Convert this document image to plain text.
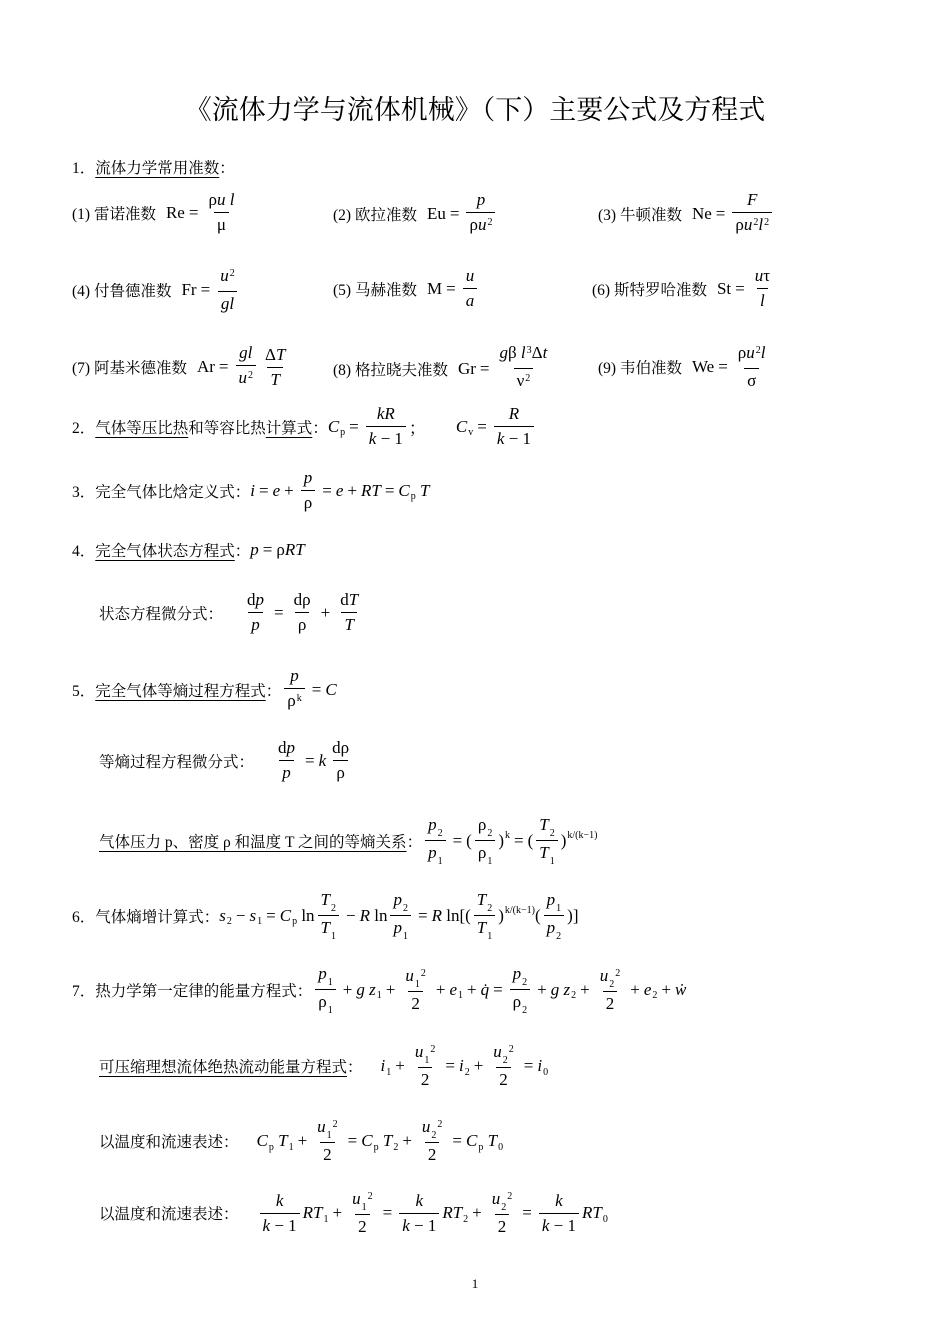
《流体力学与流体机械》（下）主要公式及方程式
1．流体力学常用准数：
(1) 雷诺准数 $Re = \frac{\text{ρu l}}{\mu}$	(2) 欧拉准数 $Eu = \frac{p}{\rho u^2}$	(3) 牛顿准数 $Ne = \frac{F}{\rho u^2l^2}$
(4) 付鲁德准数 $Fr = \frac{u^2}{gl}$	(5) 马赫准数 $M = \frac{u}{a}$	(6) 斯特罗哈准数 $St = \frac{u\tau}{l}$
(7) 阿基米德准数 $Ar = \frac{gl}{u^2} \frac{\Delta T}{T}$	(8) 格拉晓夫准数 $Gr = \frac{g\beta l^3\Delta t}{\nu^2}$	(9) 韦伯准数 $We = \frac{\rho u^2l}{\sigma}$
2．气体等压比热和等容比热计算式： $C_p = \frac{kR}{k - 1}$ ； $C_v = \frac{R}{k - 1}$
3．完全气体比焓定义式： $i = e + \frac{p}{\rho} = e$ + RT = $C_p$ T
4．完全气体状态方程式： p = ρ RT
状态方程微分式： $\frac{dp}{p} = \frac{d\rho}{\rho} + \frac{dT}{T}$
5．完全气体等熵过程方程式： $\frac{p}{\rho^k} = C$
等熵过程方程微分式： $\frac{dp}{p} = k \frac{d\rho}{\rho}$
气体压力 p、密度 ρ 和温度 T 之间的等熵关系： $\frac{p_2}{p_1}$ = ( $\frac{\rho_2}{\rho_1} )^k$ = ( $\frac{T_2}{T_1} )^{k/(k-1)}$
6．气体熵增计算式： $s_2 - s_1 = C_p$ $\ln \frac{T_2}{T_1} - R$ $\ln \frac{p_2}{p_1} = R$ $\ln[( \frac{T_2}{T_1} )^{k/(k-1)}$ ( $\frac{p_1}{p_2}$ )]
7．热力学第一定律的能量方程式： $\frac{p_1}{\rho_1} + g$ $z_1 + \frac{u_1^2}{2} + e_1$ + q̇ = $\frac{p_2}{\rho_2} + g$ $z_2 + \frac{u_2^2}{2} + e_2$ + ẇ
可压缩理想流体绝热流动能量方程式： $i_1 + \frac{u_1^2}{2} = i_2 + \frac{u_2^2}{2} = i_0$
以温度和流速表述： $C_p$ $T_1 + \frac{u_1^2}{2} = C_p$ $T_2 + \frac{u_2^2}{2} = C_p$ $T_0$
以温度和流速表述： $\frac{k}{k - 1} RT_1 + \frac{u_1^2}{2} = \frac{k}{k - 1} RT_2 + \frac{u_2^2}{2} = \frac{k}{k - 1} RT_0$
1
